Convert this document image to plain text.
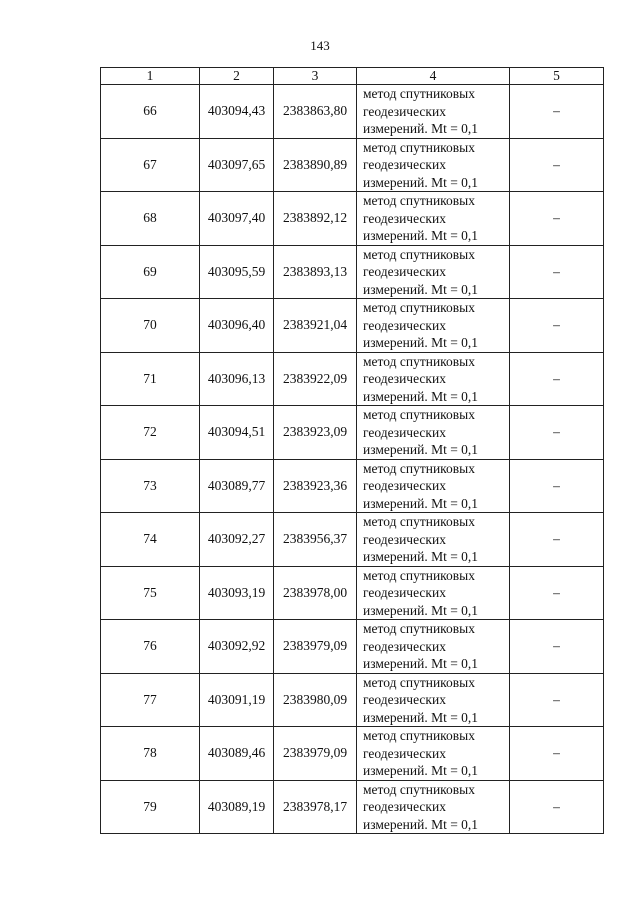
143
1	2	3	4	5
66	403094,43	2383863,80	метод спутниковых
геодезических
измерений. Mt = 0,1	–
67	403097,65	2383890,89	метод спутниковых
геодезических
измерений. Mt = 0,1	–
68	403097,40	2383892,12	метод спутниковых
геодезических
измерений. Mt = 0,1	–
69	403095,59	2383893,13	метод спутниковых
геодезических
измерений. Mt = 0,1	–
70	403096,40	2383921,04	метод спутниковых
геодезических
измерений. Mt = 0,1	–
71	403096,13	2383922,09	метод спутниковых
геодезических
измерений. Mt = 0,1	–
72	403094,51	2383923,09	метод спутниковых
геодезических
измерений. Mt = 0,1	–
73	403089,77	2383923,36	метод спутниковых
геодезических
измерений. Mt = 0,1	–
74	403092,27	2383956,37	метод спутниковых
геодезических
измерений. Mt = 0,1	–
75	403093,19	2383978,00	метод спутниковых
геодезических
измерений. Mt = 0,1	–
76	403092,92	2383979,09	метод спутниковых
геодезических
измерений. Mt = 0,1	–
77	403091,19	2383980,09	метод спутниковых
геодезических
измерений. Mt = 0,1	–
78	403089,46	2383979,09	метод спутниковых
геодезических
измерений. Mt = 0,1	–
79	403089,19	2383978,17	метод спутниковых
геодезических
измерений. Mt = 0,1	–
